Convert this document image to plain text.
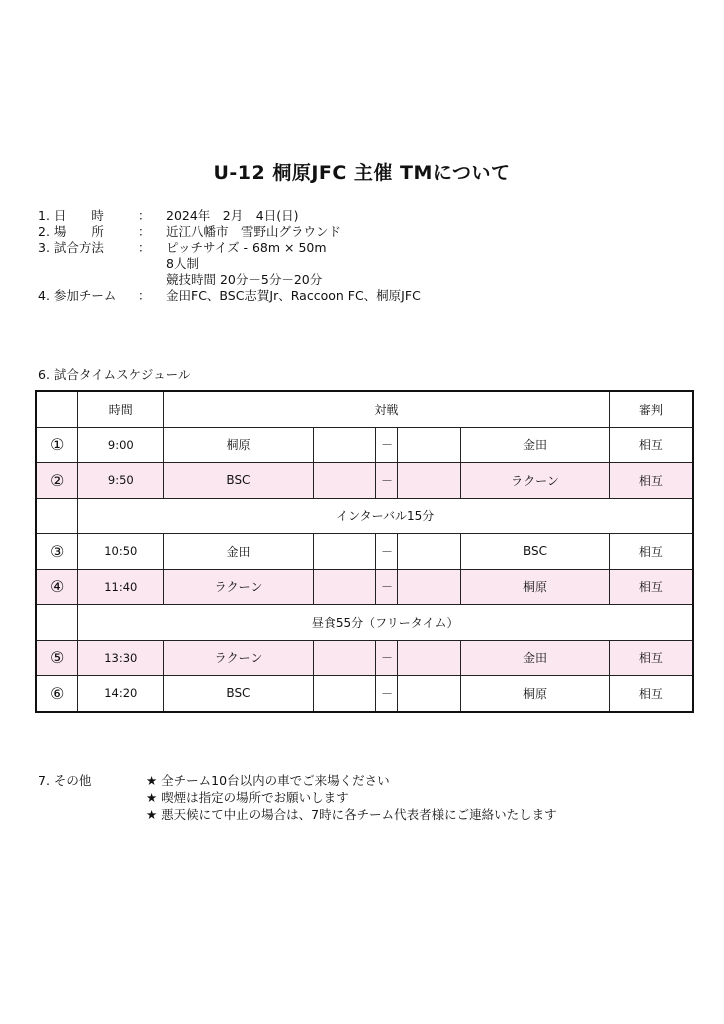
U-12 桐原JFC 主催 TMについて
1. 日　　時	：	2024年　2月　4日(日)
2. 場　　所	：	近江八幡市　雪野山グラウンド
3. 試合方法	：	ピッチサイズ - 68m × 50m
8人制
競技時間 20分－5分－20分
4. 参加チーム	：	金田FC、BSC志賀Jr、Raccoon FC、桐原JFC
6. 試合タイムスケジュール
	時間	対戦					審判
①	9:00	桐原		－		金田	相互
②	9:50	BSC		－		ラクーン	相互
	インターバル15分						
③	10:50	金田		－		BSC	相互
④	11:40	ラクーン		－		桐原	相互
	昼食55分（フリータイム）						
⑤	13:30	ラクーン		－		金田	相互
⑥	14:20	BSC		－		桐原	相互
7. その他	★ 全チーム10台以内の車でご来場ください
★ 喫煙は指定の場所でお願いします
★ 悪天候にて中止の場合は、7時に各チーム代表者様にご連絡いたします
